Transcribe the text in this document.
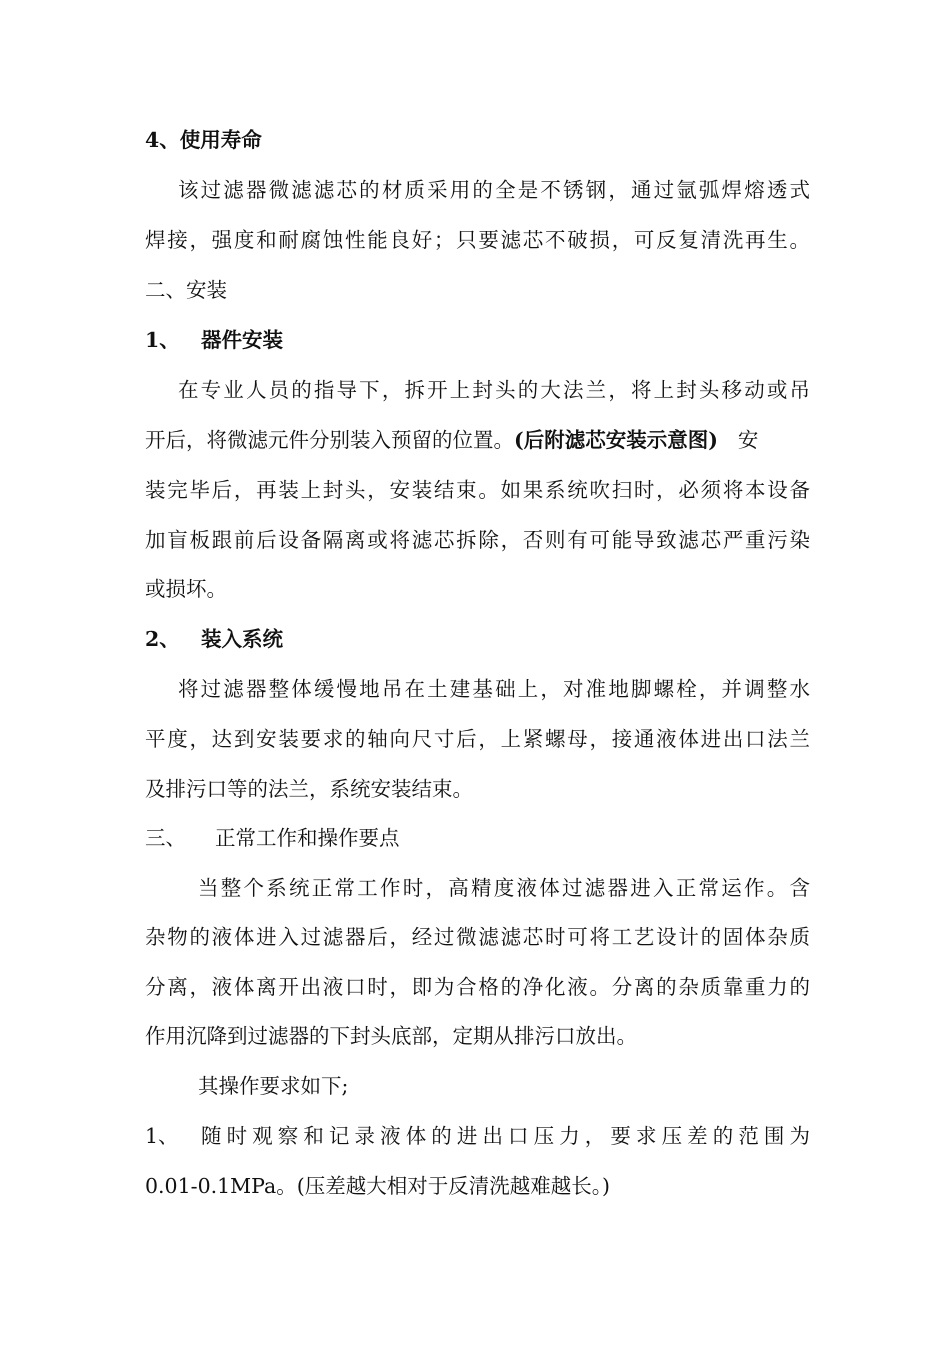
4、使用寿命
该过滤器微滤滤芯的材质采用的全是不锈钢，通过氩弧焊熔透式
焊接，强度和耐腐蚀性能良好；只要滤芯不破损，可反复清洗再生。
二、安装
1、 器件安装
在专业人员的指导下，拆开上封头的大法兰，将上封头移动或吊
开后，将微滤元件分别装入预留的位置。(后附滤芯安装示意图) 安
装完毕后，再装上封头，安装结束。如果系统吹扫时，必须将本设备
加盲板跟前后设备隔离或将滤芯拆除，否则有可能导致滤芯严重污染
或损坏。
2、 装入系统
将过滤器整体缓慢地吊在土建基础上，对准地脚螺栓，并调整水
平度，达到安装要求的轴向尺寸后，上紧螺母，接通液体进出口法兰
及排污口等的法兰，系统安装结束。
三、 正常工作和操作要点
当整个系统正常工作时，高精度液体过滤器进入正常运作。含
杂物的液体进入过滤器后，经过微滤滤芯时可将工艺设计的固体杂质
分离，液体离开出液口时，即为合格的净化液。分离的杂质靠重力的
作用沉降到过滤器的下封头底部，定期从排污口放出。
其操作要求如下;
1、	随时观察和记录液体的进出口压力，要求压差的范围为
0.01-0.1MPa。(压差越大相对于反清洗越难越长。)
